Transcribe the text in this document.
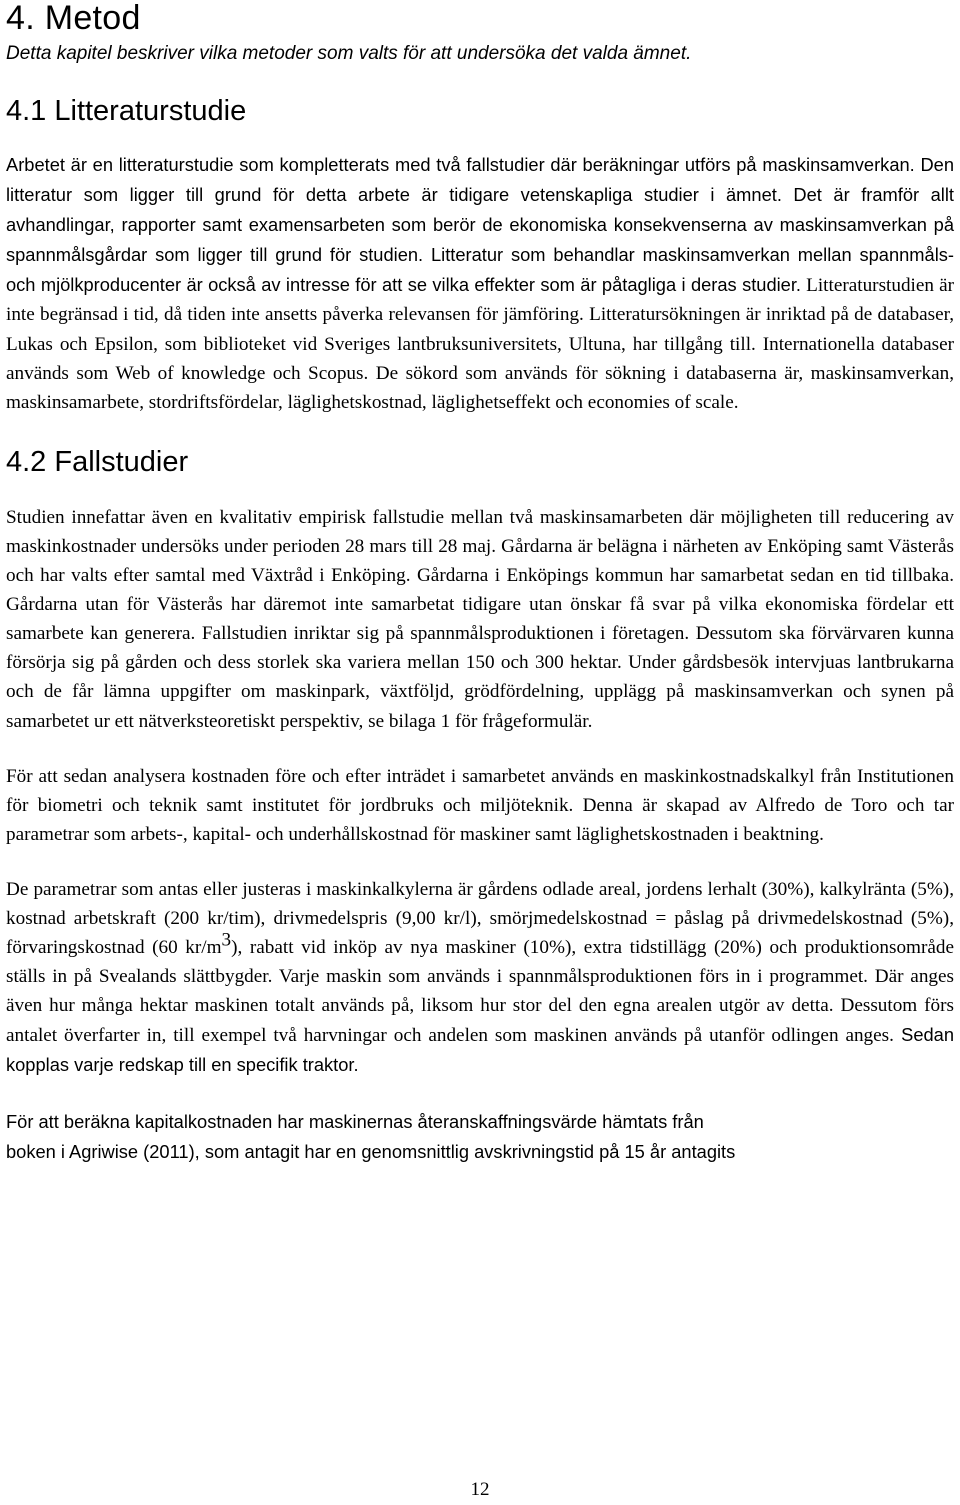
4. Metod

Detta kapitel beskriver vilka metoder som valts för att undersöka det valda ämnet.

4.1 Litteraturstudie

Arbetet är en litteraturstudie som kompletterats med två fallstudier där beräkningar utförs på maskinsamverkan. Den litteratur som ligger till grund för detta arbete är tidigare vetenskapliga studier i ämnet. Det är framför allt avhandlingar, rapporter samt examensarbeten som berör de ekonomiska konsekvenserna av maskinsamverkan på spannmålsgårdar som ligger till grund för studien. Litteratur som behandlar maskinsamverkan mellan spannmåls- och mjölkproducenter är också av intresse för att se vilka effekter som är påtagliga i deras studier. Litteraturstudien är inte begränsad i tid, då tiden inte ansetts påverka relevansen för jämföring. Litteratursökningen är inriktad på de databaser, Lukas och Epsilon, som biblioteket vid Sveriges lantbruksuniversitets, Ultuna, har tillgång till. Internationella databaser används som Web of knowledge och Scopus. De sökord som används för sökning i databaserna är, maskinsamverkan, maskinsamarbete, stordriftsfördelar, läglighetskostnad, läglighetseffekt och economies of scale.

4.2 Fallstudier

Studien innefattar även en kvalitativ empirisk fallstudie mellan två maskinsamarbeten där möjligheten till reducering av maskinkostnader undersöks under perioden 28 mars till 28 maj. Gårdarna är belägna i närheten av Enköping samt Västerås och har valts efter samtal med Växtråd i Enköping. Gårdarna i Enköpings kommun har samarbetat sedan en tid tillbaka. Gårdarna utan för Västerås har däremot inte samarbetat tidigare utan önskar få svar på vilka ekonomiska fördelar ett samarbete kan generera. Fallstudien inriktar sig på spannmålsproduktionen i företagen. Dessutom ska förvärvaren kunna försörja sig på gården och dess storlek ska variera mellan 150 och 300 hektar. Under gårdsbesök intervjuas lantbrukarna och de får lämna uppgifter om maskinpark, växtföljd, grödfördelning, upplägg på maskinsamverkan och synen på samarbetet ur ett nätverksteoretiskt perspektiv, se bilaga 1 för frågeformulär.

För att sedan analysera kostnaden före och efter inträdet i samarbetet används en maskinkostnadskalkyl från Institutionen för biometri och teknik samt institutet för jordbruks och miljöteknik. Denna är skapad av Alfredo de Toro och tar parametrar som arbets-, kapital- och underhållskostnad för maskiner samt läglighetskostnaden i beaktning.

De parametrar som antas eller justeras i maskinkalkylerna är gårdens odlade areal, jordens lerhalt (30%), kalkylränta (5%), kostnad arbetskraft (200 kr/tim), drivmedelspris (9,00 kr/l), smörjmedelskostnad = påslag på drivmedelskostnad (5%), förvaringskostnad (60 $kr/m^3$), rabatt vid inköp av nya maskiner (10%), extra tidstillägg (20%) och produktionsområde ställs in på Svealands slättbygder. Varje maskin som används i spannmålsproduktionen förs in i programmet. Där anges även hur många hektar maskinen totalt används på, liksom hur stor del den egna arealen utgör av detta. Dessutom förs antalet överfarter in, till exempel två harvningar och andelen som maskinen används på utanför odlingen anges. Sedan kopplas varje redskap till en specifik traktor.

För att beräkna kapitalkostnaden har maskinernas återanskaffningsvärde hämtats från
boken i Agriwise (2011), som antagit har en genomsnittlig avskrivningstid på 15 år antagits

12
